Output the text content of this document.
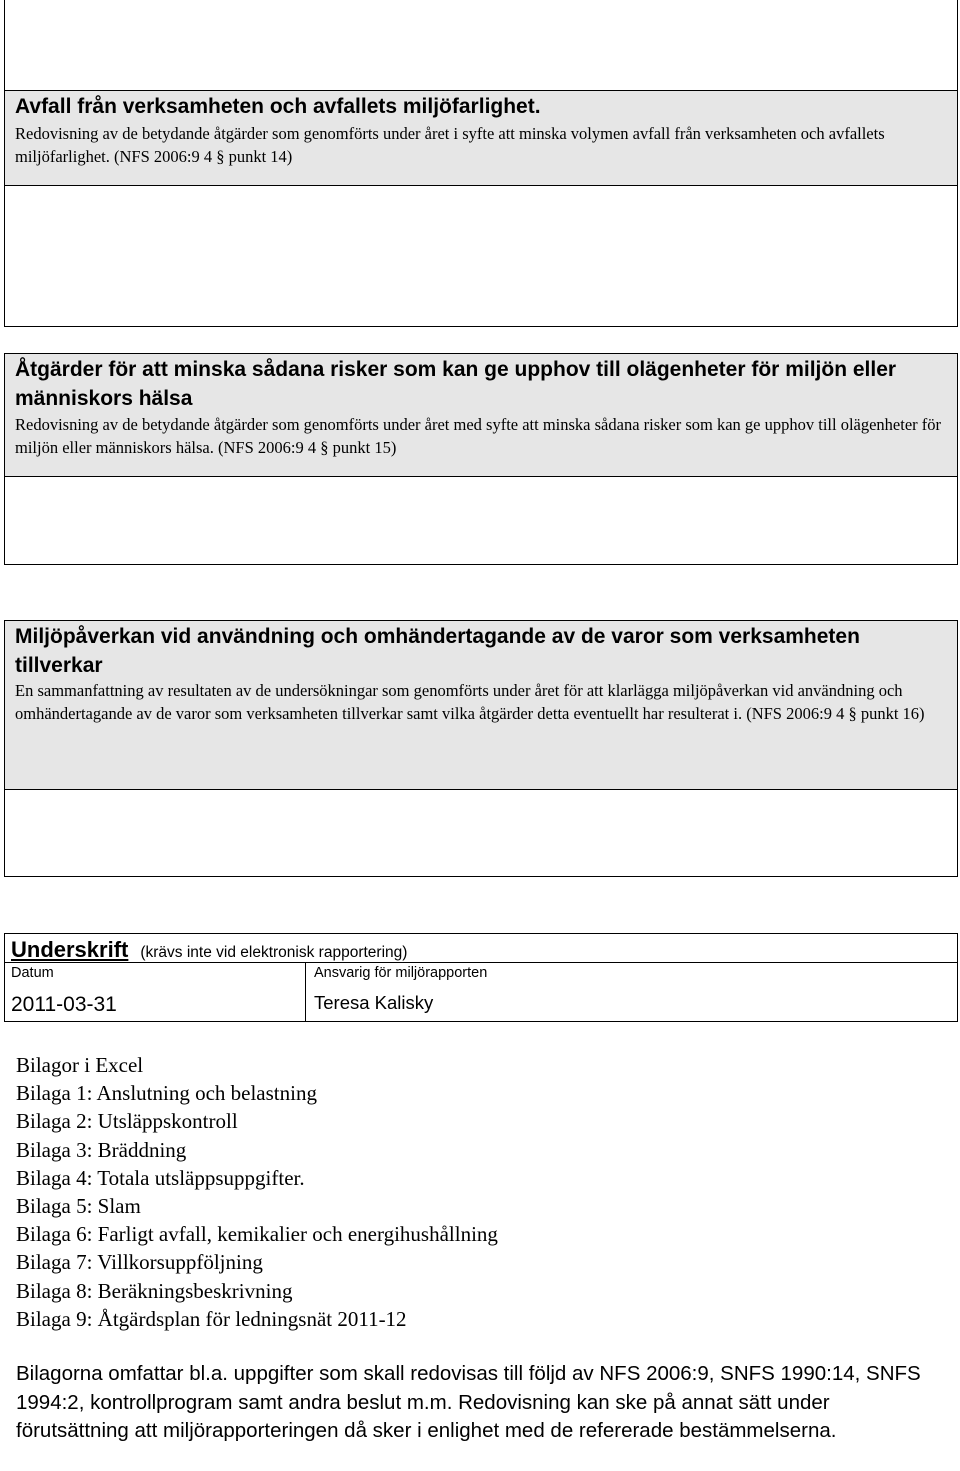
Avfall från verksamheten och avfallets miljöfarlighet.

Redovisning av de betydande åtgärder som genomförts under året i syfte att minska volymen avfall från verksamheten och avfallets miljöfarlighet. (NFS 2006:9 4 § punkt 14)

Åtgärder för att minska sådana risker som kan ge upphov till olägenheter för miljön eller människors hälsa

Redovisning av de betydande åtgärder som genomförts under året med syfte att minska sådana risker som kan ge upphov till olägenheter för miljön eller människors hälsa. (NFS 2006:9 4 § punkt 15)

Miljöpåverkan vid användning och omhändertagande av de varor som verksamheten tillverkar

En sammanfattning av resultaten av de undersökningar som genomförts under året för att klarlägga miljöpåverkan vid användning och omhändertagande av de varor som verksamheten tillverkar samt vilka åtgärder detta eventuellt har resulterat i. (NFS 2006:9 4 § punkt 16)

Underskrift (krävs inte vid elektronisk rapportering)
Datum
2011-03-31
Ansvarig för miljörapporten
Teresa Kalisky
Bilagor i Excel
Bilaga 1: Anslutning och belastning
Bilaga 2: Utsläppskontroll
Bilaga 3: Bräddning
Bilaga 4: Totala utsläppsuppgifter.
Bilaga 5: Slam
Bilaga 6: Farligt avfall, kemikalier och energihushållning
Bilaga 7: Villkorsuppföljning
Bilaga 8: Beräkningsbeskrivning
Bilaga 9: Åtgärdsplan för ledningsnät 2011-12

Bilagorna omfattar bl.a. uppgifter som skall redovisas till följd av NFS 2006:9, SNFS 1990:14, SNFS 1994:2, kontrollprogram samt andra beslut m.m. Redovisning kan ske på annat sätt under förutsättning att miljörapporteringen då sker i enlighet med de refererade bestämmelserna.
